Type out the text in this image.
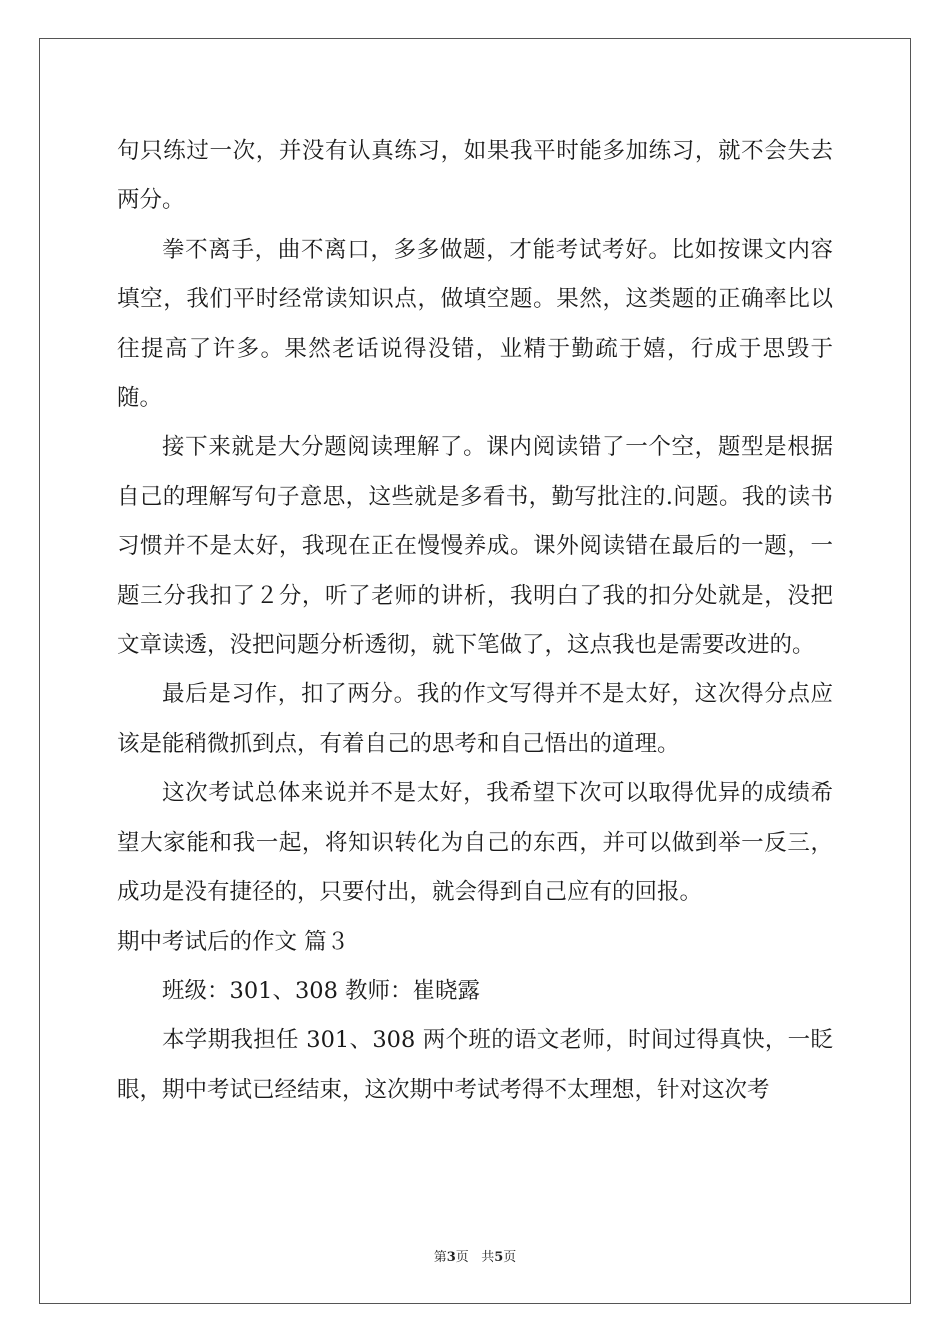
句只练过一次，并没有认真练习，如果我平时能多加练习，就不会失去两分。

拳不离手，曲不离口，多多做题，才能考试考好。比如按课文内容填空，我们平时经常读知识点，做填空题。果然，这类题的正确率比以往提高了许多。果然老话说得没错，业精于勤疏于嬉，行成于思毁于随。

接下来就是大分题阅读理解了。课内阅读错了一个空，题型是根据自己的理解写句子意思，这些就是多看书，勤写批注的.问题。我的读书习惯并不是太好，我现在正在慢慢养成。课外阅读错在最后的一题，一题三分我扣了２分，听了老师的讲析，我明白了我的扣分处就是，没把文章读透，没把问题分析透彻，就下笔做了，这点我也是需要改进的。

最后是习作，扣了两分。我的作文写得并不是太好，这次得分点应该是能稍微抓到点，有着自己的思考和自己悟出的道理。

这次考试总体来说并不是太好，我希望下次可以取得优异的成绩希望大家能和我一起，将知识转化为自己的东西，并可以做到举一反三，成功是没有捷径的，只要付出，就会得到自己应有的回报。

期中考试后的作文 篇３

班级：301、308 教师：崔晓露

本学期我担任 301、308 两个班的语文老师，时间过得真快，一眨眼，期中考试已经结束，这次期中考试考得不太理想，针对这次考

第3页 共5页
